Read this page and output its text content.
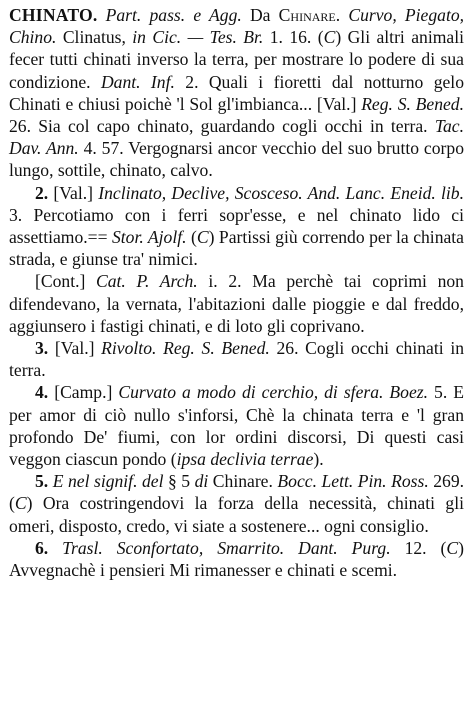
CHINATO. Part. pass. e Agg. Da Chinare. Curvo, Piegato, Chino. Clinatus, in Cic. — Tes. Br. 1. 16. (C) Gli altri animali fecer tutti chinati inverso la terra, per mostrare lo podere di sua condizione. Dant. Inf. 2. Quali i fioretti dal notturno gelo Chinati e chiusi poichè 'l Sol gl'imbianca... [Val.] Reg. S. Bened. 26. Sia col capo chinato, guardando cogli occhi in terra. Tac. Dav. Ann. 4. 57. Vergognarsi ancor vecchio del suo brutto corpo lungo, sottile, chinato, calvo.

2. [Val.] Inclinato, Declive, Scosceso. And. Lanc. Eneid. lib. 3. Percotiamo con i ferri sopr'esse, e nel chinato lido ci assettiamo.== Stor. Ajolf. (C) Partissi giù correndo per la chinata strada, e giunse tra' nimici.

[Cont.] Cat. P. Arch. i. 2. Ma perchè tai coprimi non difendevano, la vernata, l'abitazioni dalle pioggie e dal freddo, aggiunsero i fastigi chinati, e di loto gli coprivano.

3. [Val.] Rivolto. Reg. S. Bened. 26. Cogli occhi chinati in terra.

4. [Camp.] Curvato a modo di cerchio, di sfera. Boez. 5. E per amor di ciò nullo s'inforsi, Chè la chinata terra e 'l gran profondo De' fiumi, con lor ordini discorsi, Di questi casi veggon ciascun pondo (ipsa declivia terrae).

5. E nel signif. del § 5 di Chinare. Bocc. Lett. Pin. Ross. 269. (C) Ora costringendovi la forza della necessità, chinati gli omeri, disposto, credo, vi siate a sostenere... ogni consiglio.

6. Trasl. Sconfortato, Smarrito. Dant. Purg. 12. (C) Avvegnachè i pensieri Mi rimanesser e chinati e scemi.
